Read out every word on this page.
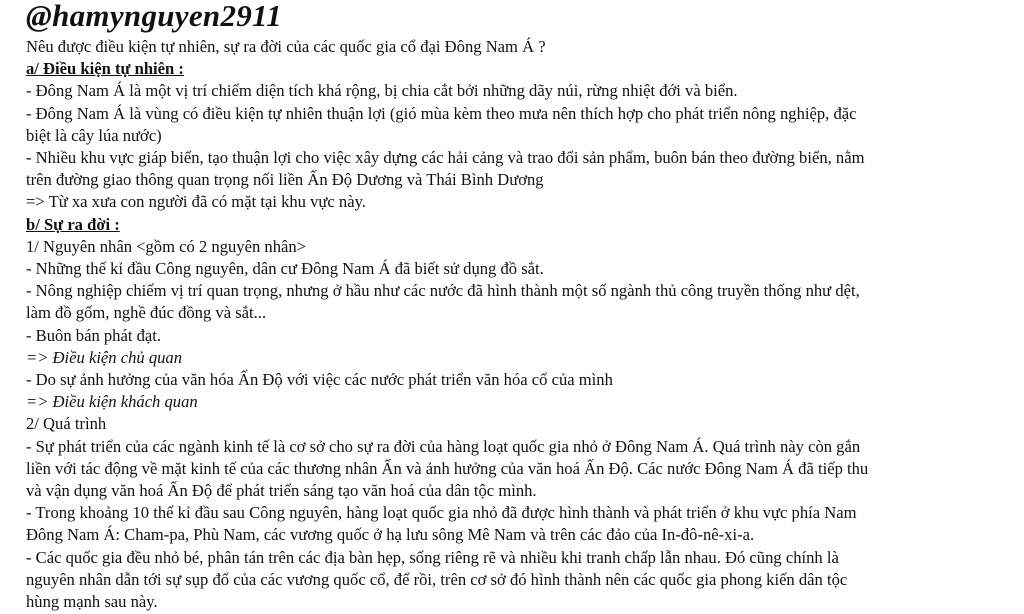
@hamynguyen2911
Nêu được điều kiện tự nhiên, sự ra đời của các quốc gia cổ đại Đông Nam Á ?
a/ Điều kiện tự nhiên :
- Đông Nam Á là một vị trí chiếm diện tích khá rộng, bị chia cắt bởi những dãy núi, rừng nhiệt đới và biển.
- Đông Nam Á là vùng có điều kiện tự nhiên thuận lợi (gió mùa kèm theo mưa nên thích hợp cho phát triển nông nghiệp, đặc
biệt là cây lúa nước)
- Nhiều khu vực giáp biển, tạo thuận lợi cho việc xây dựng các hải cảng và trao đổi sản phẩm, buôn bán theo đường biển, nằm
trên đường giao thông quan trọng nối liền Ấn Độ Dương và Thái Bình Dương
=> Từ xa xưa con người đã có mặt tại khu vực này.
b/ Sự ra đời :
1/ Nguyên nhân <gồm có 2 nguyên nhân>
- Những thế kỉ đầu Công nguyên, dân cư Đông Nam Á đã biết sử dụng đồ sắt.
- Nông nghiệp chiếm vị trí quan trọng, nhưng ở hầu như các nước đã hình thành một số ngành thủ công truyền thống như dệt,
làm đồ gốm, nghề đúc đồng và sắt...
- Buôn bán phát đạt.
=> Điều kiện chủ quan
- Do sự ảnh hưởng của văn hóa Ấn Độ với việc các nước phát triển văn hóa cổ của mình
=> Điều kiện khách quan
2/ Quá trình
- Sự phát triển của các ngành kinh tế là cơ sở cho sự ra đời của hàng loạt quốc gia nhỏ ở Đông Nam Á. Quá trình này còn gắn
liền với tác động về mặt kinh tế của các thương nhân Ấn và ảnh hưởng của văn hoá Ấn Độ. Các nước Đông Nam Á đã tiếp thu
và vận dụng văn hoá Ấn Độ để phát triển sáng tạo văn hoá của dân tộc mình.
- Trong khoảng 10 thế kỉ đầu sau Công nguyên, hàng loạt quốc gia nhỏ đã được hình thành và phát triển ở khu vực phía Nam
Đông Nam Á: Cham-pa, Phù Nam, các vương quốc ở hạ lưu sông Mê Nam và trên các đảo của In-đô-nê-xi-a.
- Các quốc gia đều nhỏ bé, phân tán trên các địa bàn hẹp, sống riêng rẽ và nhiều khi tranh chấp lẫn nhau. Đó cũng chính là
nguyên nhân dẫn tới sự sụp đổ của các vương quốc cổ, để rồi, trên cơ sở đó hình thành nên các quốc gia phong kiến dân tộc
hùng mạnh sau này.
